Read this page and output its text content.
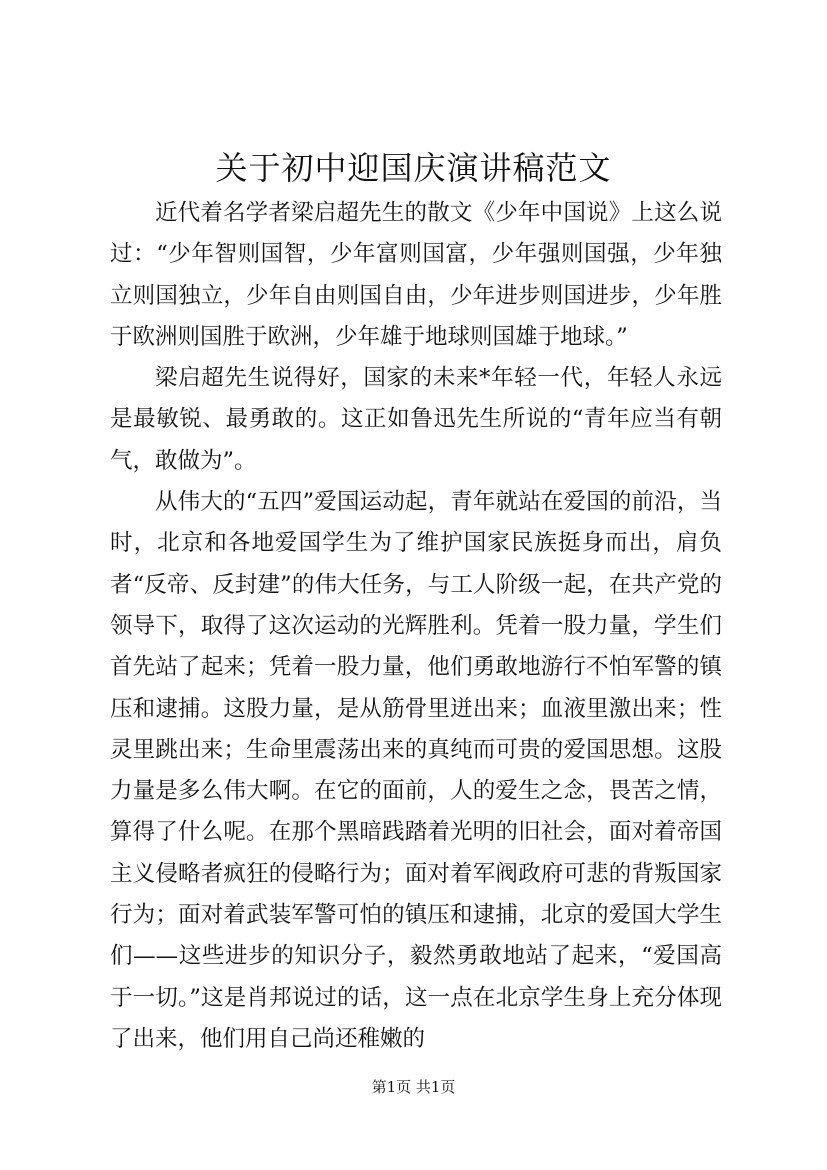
关于初中迎国庆演讲稿范文

近代着名学者梁启超先生的散文《少年中国说》上这么说过：“少年智则国智，少年富则国富，少年强则国强，少年独立则国独立，少年自由则国自由，少年进步则国进步，少年胜于欧洲则国胜于欧洲，少年雄于地球则国雄于地球。”

梁启超先生说得好，国家的未来*年轻一代，年轻人永远是最敏锐、最勇敢的。这正如鲁迅先生所说的“青年应当有朝气，敢做为”。

从伟大的“五四”爱国运动起，青年就站在爱国的前沿，当时，北京和各地爱国学生为了维护国家民族挺身而出，肩负者“反帝、反封建”的伟大任务，与工人阶级一起，在共产党的领导下，取得了这次运动的光辉胜利。凭着一股力量，学生们首先站了起来；凭着一股力量，他们勇敢地游行不怕军警的镇压和逮捕。这股力量，是从筋骨里迸出来；血液里激出来；性灵里跳出来；生命里震荡出来的真纯而可贵的爱国思想。这股力量是多么伟大啊。在它的面前，人的爱生之念，畏苦之情，算得了什么呢。在那个黑暗践踏着光明的旧社会，面对着帝国主义侵略者疯狂的侵略行为；面对着军阀政府可悲的背叛国家行为；面对着武装军警可怕的镇压和逮捕，北京的爱国大学生们——这些进步的知识分子，毅然勇敢地站了起来，“爱国高于一切。”这是肖邦说过的话，这一点在北京学生身上充分体现了出来，他们用自己尚还稚嫩的

第1页 共1页
